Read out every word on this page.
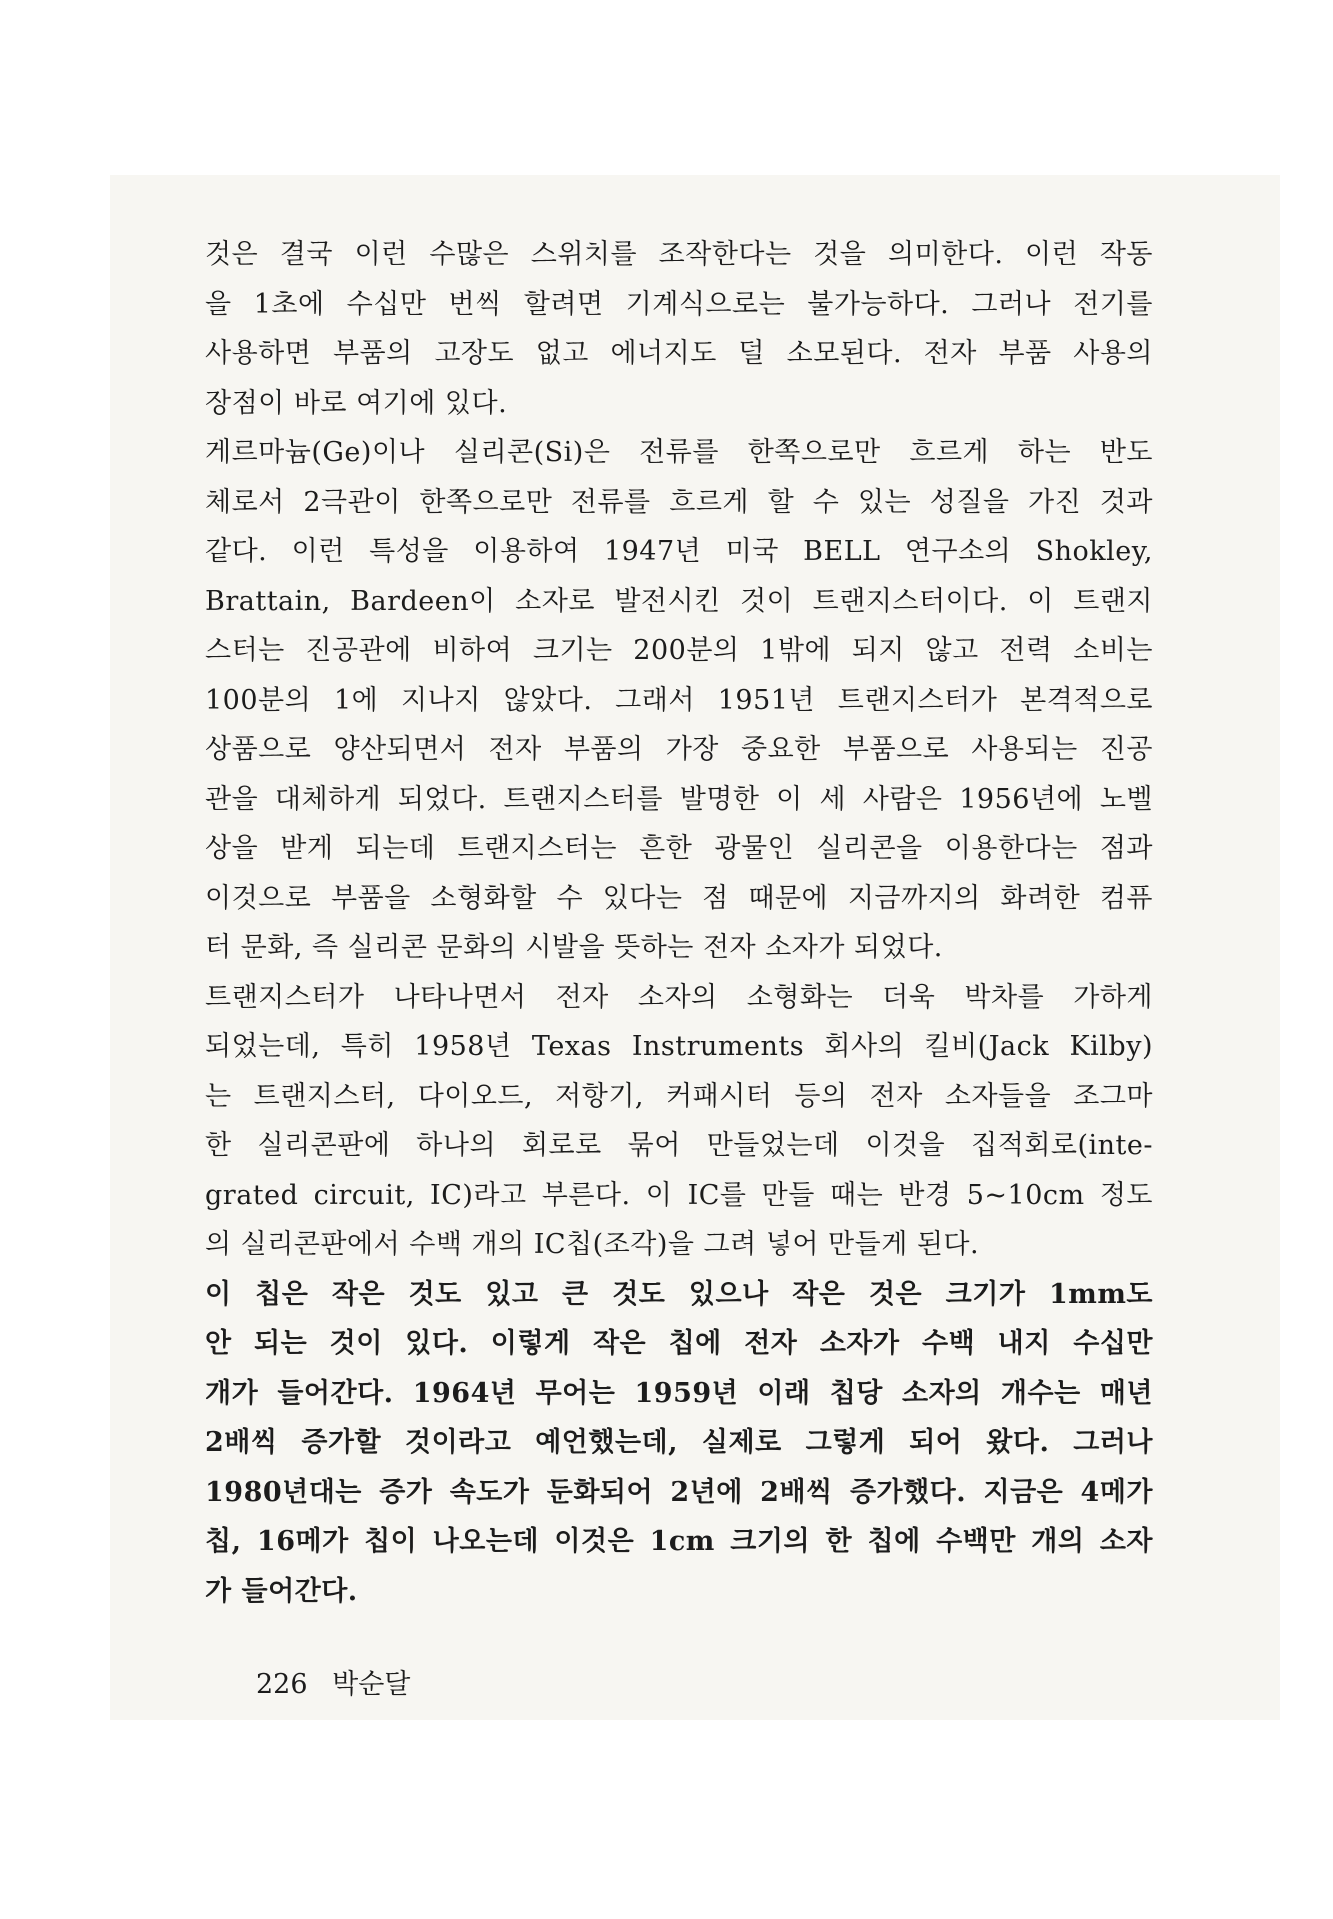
것은 결국 이런 수많은 스위치를 조작한다는 것을 의미한다. 이런 작동
을 1초에 수십만 번씩 할려면 기계식으로는 불가능하다. 그러나 전기를
사용하면 부품의 고장도 없고 에너지도 덜 소모된다. 전자 부품 사용의
장점이 바로 여기에 있다.
게르마늄(Ge)이나 실리콘(Si)은 전류를 한쪽으로만 흐르게 하는 반도
체로서 2극관이 한쪽으로만 전류를 흐르게 할 수 있는 성질을 가진 것과
같다. 이런 특성을 이용하여 1947년 미국 BELL 연구소의 Shokley,
Brattain, Bardeen이 소자로 발전시킨 것이 트랜지스터이다. 이 트랜지
스터는 진공관에 비하여 크기는 200분의 1밖에 되지 않고 전력 소비는
100분의 1에 지나지 않았다. 그래서 1951년 트랜지스터가 본격적으로
상품으로 양산되면서 전자 부품의 가장 중요한 부품으로 사용되는 진공
관을 대체하게 되었다. 트랜지스터를 발명한 이 세 사람은 1956년에 노벨
상을 받게 되는데 트랜지스터는 흔한 광물인 실리콘을 이용한다는 점과
이것으로 부품을 소형화할 수 있다는 점 때문에 지금까지의 화려한 컴퓨
터 문화, 즉 실리콘 문화의 시발을 뜻하는 전자 소자가 되었다.
트랜지스터가 나타나면서 전자 소자의 소형화는 더욱 박차를 가하게
되었는데, 특히 1958년 Texas Instruments 회사의 킬비(Jack Kilby)
는 트랜지스터, 다이오드, 저항기, 커패시터 등의 전자 소자들을 조그마
한 실리콘판에 하나의 회로로 묶어 만들었는데 이것을 집적회로(inte-
grated circuit, IC)라고 부른다. 이 IC를 만들 때는 반경 5~10cm 정도
의 실리콘판에서 수백 개의 IC칩(조각)을 그려 넣어 만들게 된다.
이 칩은 작은 것도 있고 큰 것도 있으나 작은 것은 크기가 1mm도
안 되는 것이 있다. 이렇게 작은 칩에 전자 소자가 수백 내지 수십만
개가 들어간다. 1964년 무어는 1959년 이래 칩당 소자의 개수는 매년
2배씩 증가할 것이라고 예언했는데, 실제로 그렇게 되어 왔다. 그러나
1980년대는 증가 속도가 둔화되어 2년에 2배씩 증가했다. 지금은 4메가
칩, 16메가 칩이 나오는데 이것은 1cm 크기의 한 칩에 수백만 개의 소자
가 들어간다.
226 박순달
